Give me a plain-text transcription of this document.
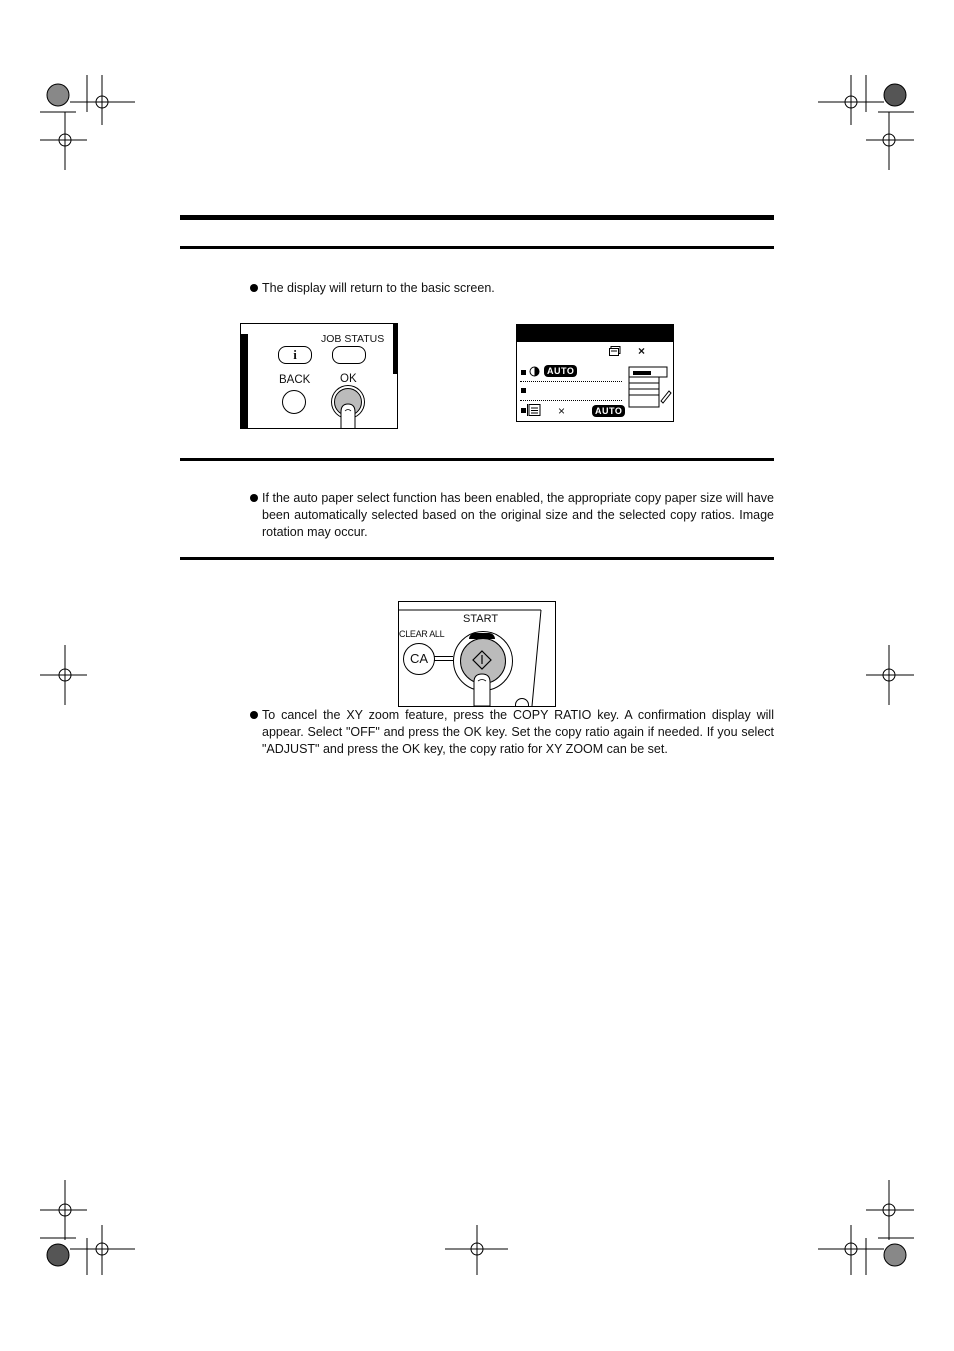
The display will return to the basic screen.
JOB STATUS
i
BACK	OK
×
AUTO
×	AUTO
If the auto paper select function has been enabled, the appropriate copy paper size will have been automatically selected based on the original size and the selected copy ratios. Image rotation may occur.
START
CLEAR ALL
CA
To cancel the XY zoom feature, press the COPY RATIO key. A confirmation display will appear. Select "OFF" and press the OK key. Set the copy ratio again if needed. If you select "ADJUST" and press the OK key, the copy ratio for XY ZOOM can be set.
